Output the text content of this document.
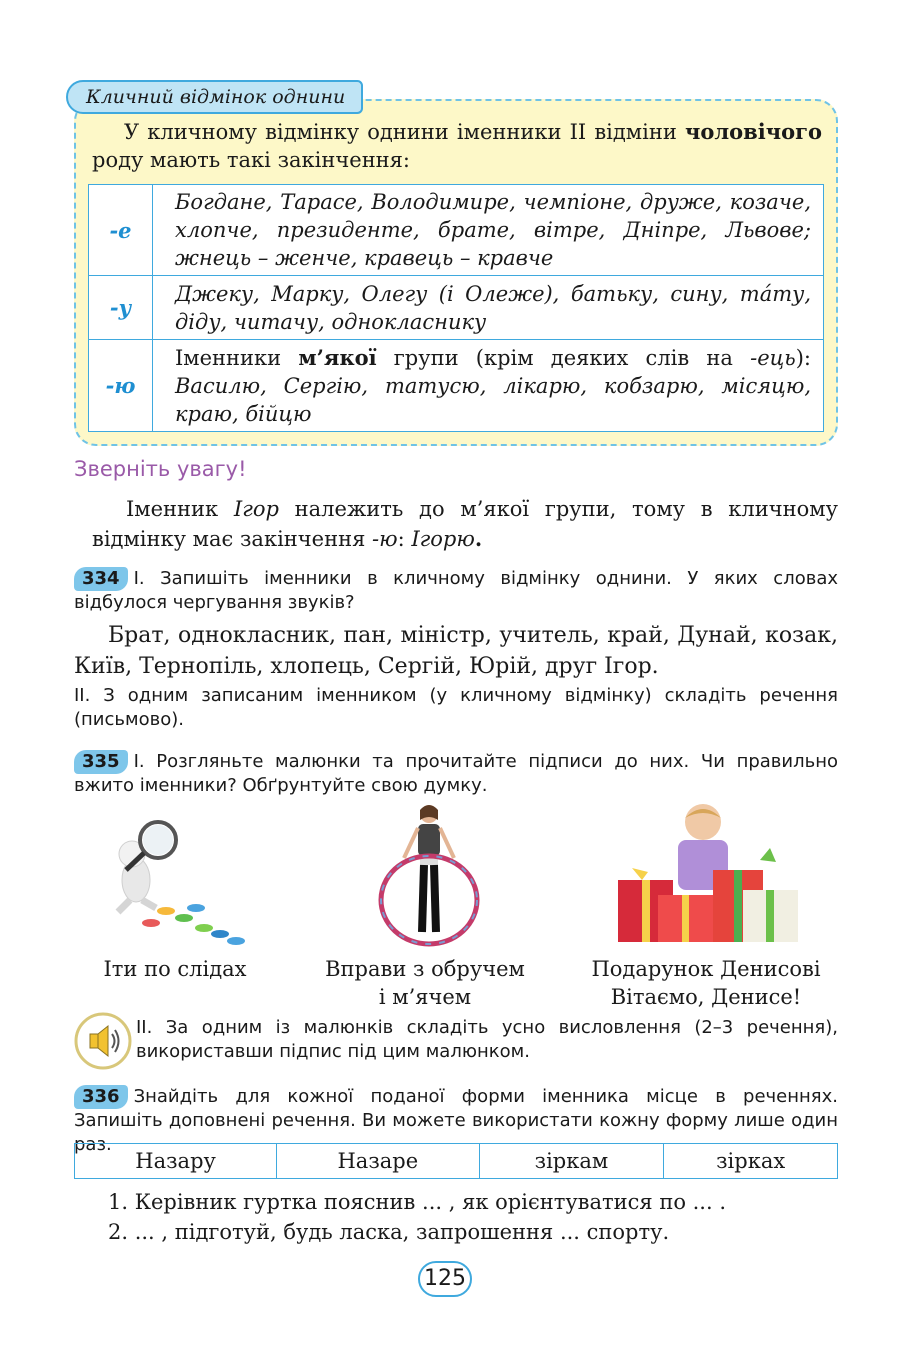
Кличний відмінок однини
У кличному відмінку однини іменники II відміни чоловічого роду мають такі закінчення:
-е	Богдане, Тарасе, Володимире, чемпіоне, друже, козаче, хлопче, президенте, брате, вітре, Дніпре, Львове; жнець – женче, кравець – кравче
-у	Джеку, Марку, Олегу (і Олеже), батьку, сину, тáту, діду, читачу, однокласнику
-ю	Іменники м’якої групи (крім деяких слів на -ець): Василю, Сергію, татусю, лікарю, кобзарю, місяцю, краю, бійцю
Зверніть увагу!
Іменник Ігор належить до м’якої групи, тому в кличному відмінку має закінчення -ю: Ігорю.
334 І. Запишіть іменники в кличному відмінку однини. У яких словах відбулося чергування звуків?
Брат, однокласник, пан, міністр, учитель, край, Дунай, козак, Київ, Тернопіль, хлопець, Сергій, Юрій, друг Ігор.
ІІ. З одним записаним іменником (у кличному відмінку) складіть речення (письмово).
335 І. Розгляньте малюнки та прочитайте підписи до них. Чи правильно вжито іменники? Обґрунтуйте свою думку.
Іти по слідах	Вправи з обручем
і м’ячем
Подарунок Денисові
Вітаємо, Денисе!
ІІ. За одним із малюнків складіть усно висловлення (2–3 речення), використавши підпис під цим малюнком.
336 Знайдіть для кожної поданої форми іменника місце в реченнях. Запишіть доповнені речення. Ви можете використати кожну форму лише один раз.
Назару	Назаре	зіркам	зірках
1. Керівник гуртка пояснив ... , як орієнтуватися по ... .
2. ... , підготуй, будь ласка, запрошення ... спорту.
125
